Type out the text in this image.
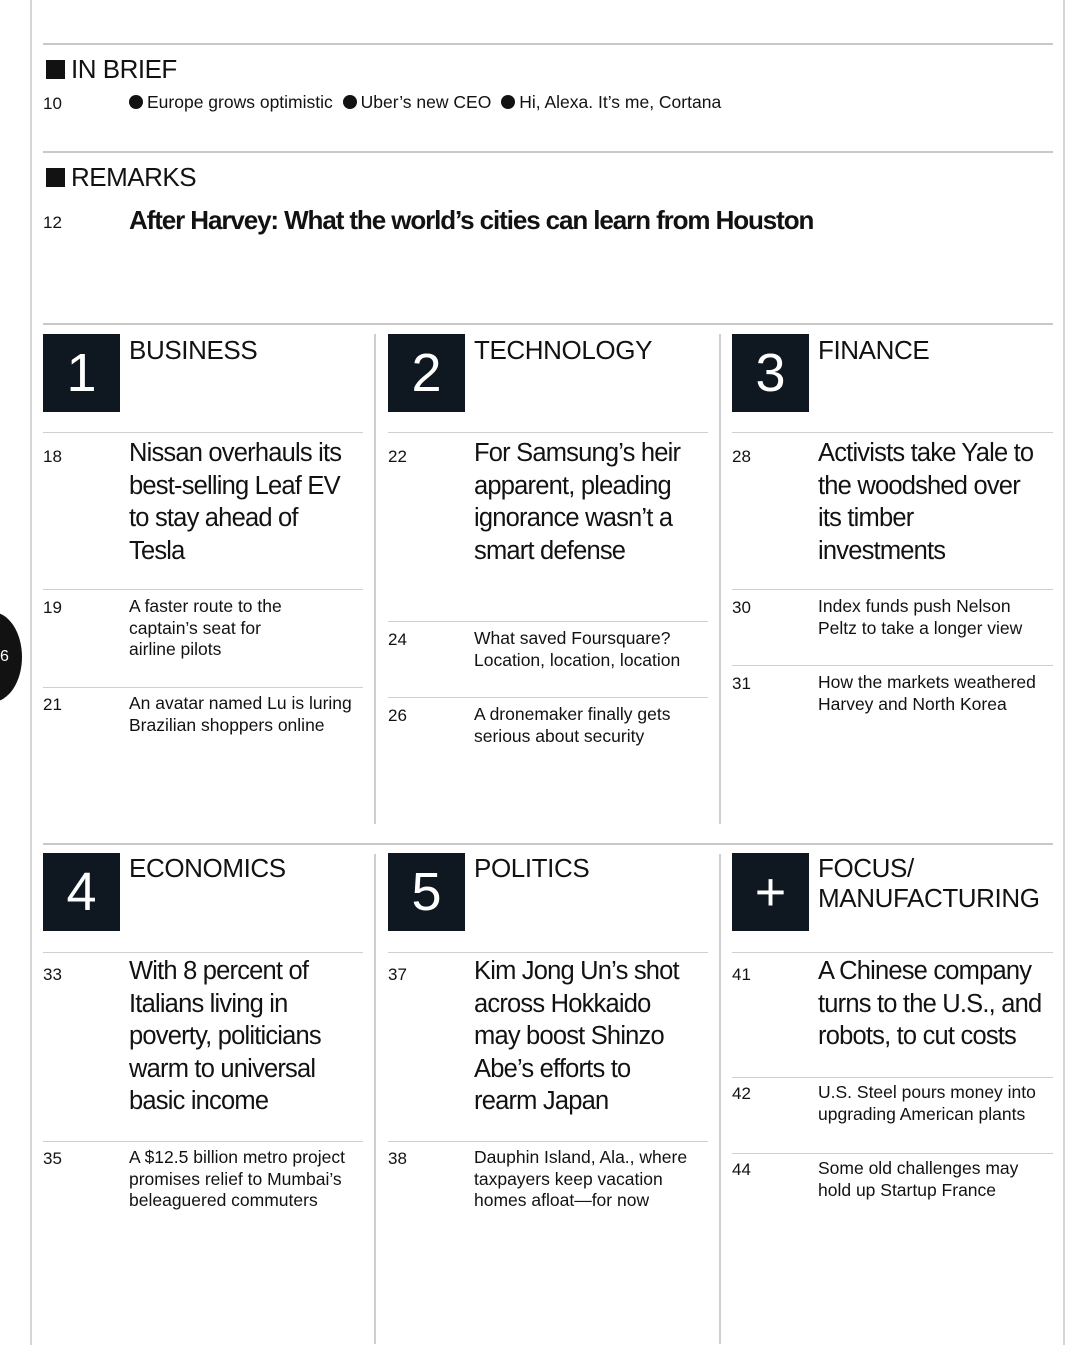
6
IN BRIEF
10	Europe grows optimistic Uber’s new CEO Hi, Alexa. It’s me, Cortana
REMARKS
12	After Harvey: What the world’s cities can learn from Houston
1	BUSINESS
18	Nissan overhauls its best-selling Leaf EV to stay ahead of Tesla
19	A faster route to the captain’s seat for airline pilots
21	An avatar named Lu is luring Brazilian shoppers online
2	TECHNOLOGY
22	For Samsung’s heir apparent, pleading ignorance wasn’t a smart defense
24	What saved Foursquare? Location, location, location
26	A dronemaker finally gets serious about security
3	FINANCE
28	Activists take Yale to the woodshed over its timber investments
30	Index funds push Nelson Peltz to take a longer view
31	How the markets weathered Harvey and North Korea
4	ECONOMICS
33	With 8 percent of Italians living in poverty, politicians warm to universal basic income
35	A $12.5 billion metro project promises relief to Mumbai’s beleaguered commuters
5	POLITICS
37	Kim Jong Un’s shot across Hokkaido may boost Shinzo Abe’s efforts to rearm Japan
38	Dauphin Island, Ala., where taxpayers keep vacation homes afloat—for now
+	FOCUS/ MANUFACTURING
41	A Chinese company turns to the U.S., and robots, to cut costs
42	U.S. Steel pours money into upgrading American plants
44	Some old challenges may hold up Startup France
